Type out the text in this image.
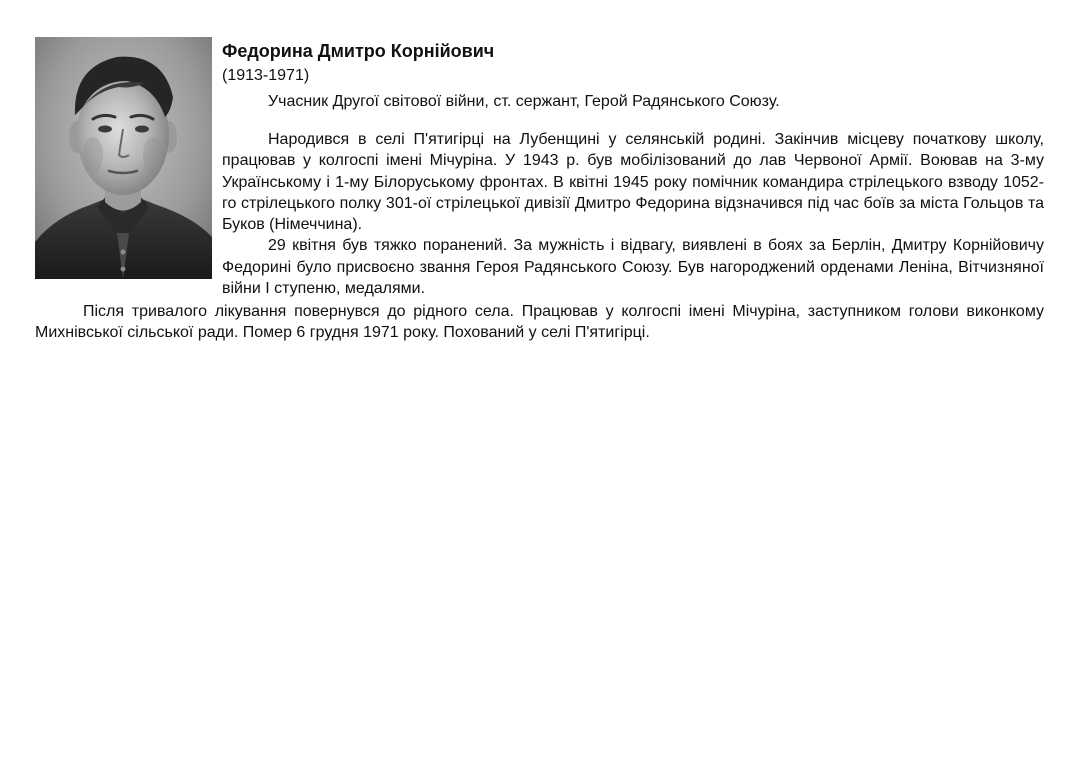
Федорина Дмитро Корнійович
(1913-1971)
Учасник Другої світової війни, ст. сержант, Герой Радянського Союзу.

Народився в селі П'ятигірці на Лубенщині у селянській родині. Закінчив місцеву початкову школу, працював у колгоспі імені Мічуріна. У 1943 р. був мобілізований до лав Червоної Армії. Воював на 3-му Українському і 1-му Білоруському фронтах. В квітні 1945 року помічник командира стрілецького взводу 1052-го стрілецького полку 301-ої стрілецької дивізії Дмитро Федорина відзначився під час боїв за міста Гольцов та Буков (Німеччина).

29 квітня був тяжко поранений. За мужність і відвагу, виявлені в боях за Берлін, Дмитру Корнійовичу Федорині було присвоєно звання Героя Радянського Союзу. Був нагороджений орденами Леніна, Вітчизняної війни І ступеню, медалями.

Після тривалого лікування повернувся до рідного села. Працював у колгоспі імені Мічуріна, заступником голови виконкому Михнівської сільської ради. Помер 6 грудня 1971 року. Похований у селі П'ятигірці.
